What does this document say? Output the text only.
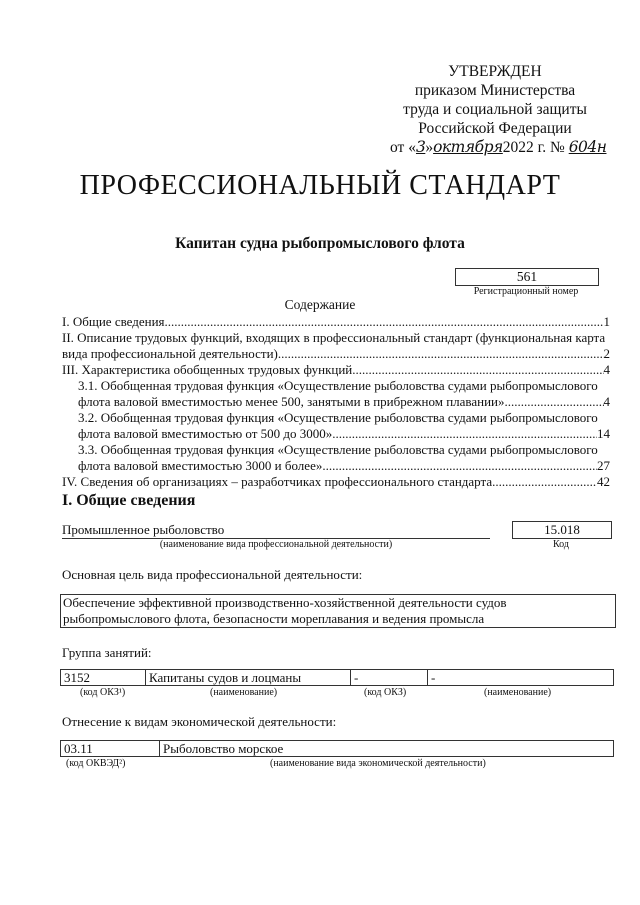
УТВЕРЖДЕН
приказом Министерства
труда и социальной защиты
Российской Федерации
от «3»октября2022 г. № 604н
ПРОФЕССИОНАЛЬНЫЙ СТАНДАРТ
Капитан судна рыбопромыслового флота
561
Регистрационный номер
Содержание
I. Общие сведения .....	1
II. Описание трудовых функций, входящих в профессиональный стандарт (функциональная карта
вида профессиональной деятельности) .....	2
III. Характеристика обобщенных трудовых функций .....	4
3.1. Обобщенная трудовая функция «Осуществление рыболовства судами рыбопромыслового
флота валовой вместимостью менее 500, занятыми в прибрежном плавании» .....	4
3.2. Обобщенная трудовая функция «Осуществление рыболовства судами рыбопромыслового
флота валовой вместимостью от 500 до 3000» .....	14
3.3. Обобщенная трудовая функция «Осуществление рыболовства судами рыбопромыслового
флота валовой вместимостью 3000 и более» .....	27
IV. Сведения об организациях – разработчиках профессионального стандарта .....	42
I. Общие сведения
Промышленное рыболовство
(наименование вида профессиональной деятельности)
15.018
Код
Основная цель вида профессиональной деятельности:
Обеспечение эффективной производственно-хозяйственной деятельности судов
рыбопромыслового флота, безопасности мореплавания и ведения промысла
Группа занятий:
3152	Капитаны судов и лоцманы	-	-
(код ОКЗ¹)	(наименование)	(код ОКЗ)	(наименование)
Отнесение к видам экономической деятельности:
03.11	Рыболовство морское
(код ОКВЭД²)	(наименование вида экономической деятельности)
